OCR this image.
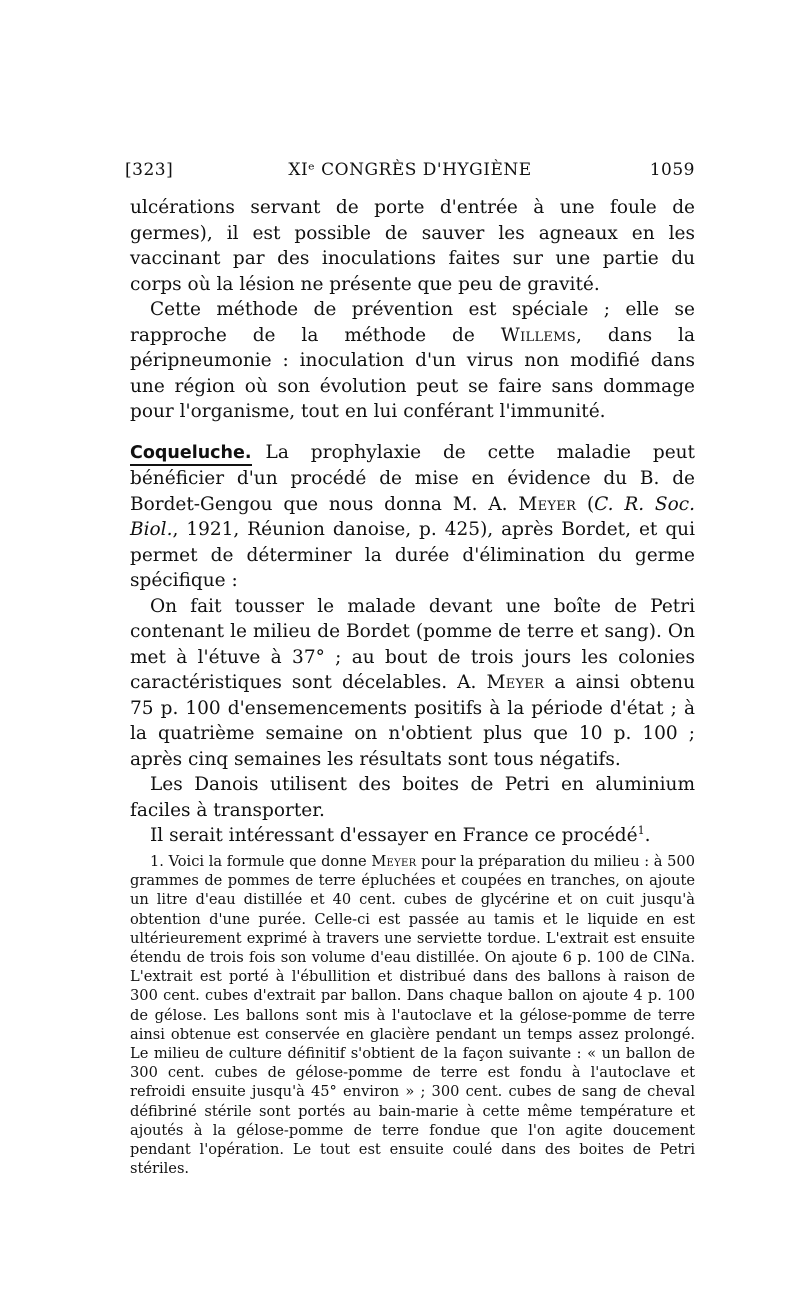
[323]	XIᵉ CONGRÈS D'HYGIÈNE	1059

ulcérations servant de porte d'entrée à une foule de germes), il est possible de sauver les agneaux en les vaccinant par des inoculations faites sur une partie du corps où la lésion ne présente que peu de gravité.

Cette méthode de prévention est spéciale ; elle se rapproche de la méthode de Willems, dans la péripneumonie : inoculation d'un virus non modifié dans une région où son évolution peut se faire sans dommage pour l'organisme, tout en lui conférant l'immunité.

Coqueluche. La prophylaxie de cette maladie peut bénéficier d'un procédé de mise en évidence du B. de Bordet-Gengou que nous donna M. A. Meyer (C. R. Soc. Biol., 1921, Réunion danoise, p. 425), après Bordet, et qui permet de déterminer la durée d'élimination du germe spécifique :

On fait tousser le malade devant une boîte de Petri contenant le milieu de Bordet (pomme de terre et sang). On met à l'étuve à 37° ; au bout de trois jours les colonies caractéristiques sont décelables. A. Meyer a ainsi obtenu 75 p. 100 d'ensemencements positifs à la période d'état ; à la quatrième semaine on n'obtient plus que 10 p. 100 ; après cinq semaines les résultats sont tous négatifs.

Les Danois utilisent des boites de Petri en aluminium faciles à transporter.

Il serait intéressant d'essayer en France ce procédé$^1$.

1. Voici la formule que donne Meyer pour la préparation du milieu : à 500 grammes de pommes de terre épluchées et coupées en tranches, on ajoute un litre d'eau distillée et 40 cent. cubes de glycérine et on cuit jusqu'à obtention d'une purée. Celle-ci est passée au tamis et le liquide en est ultérieurement exprimé à travers une serviette tordue. L'extrait est ensuite étendu de trois fois son volume d'eau distillée. On ajoute 6 p. 100 de ClNa. L'extrait est porté à l'ébullition et distribué dans des ballons à raison de 300 cent. cubes d'extrait par ballon. Dans chaque ballon on ajoute 4 p. 100 de gélose. Les ballons sont mis à l'autoclave et la gélose-pomme de terre ainsi obtenue est conservée en glacière pendant un temps assez prolongé. Le milieu de culture définitif s'obtient de la façon suivante : « un ballon de 300 cent. cubes de gélose-pomme de terre est fondu à l'autoclave et refroidi ensuite jusqu'à 45° environ » ; 300 cent. cubes de sang de cheval défibriné stérile sont portés au bain-marie à cette même température et ajoutés à la gélose-pomme de terre fondue que l'on agite doucement pendant l'opération. Le tout est ensuite coulé dans des boites de Petri stériles.
